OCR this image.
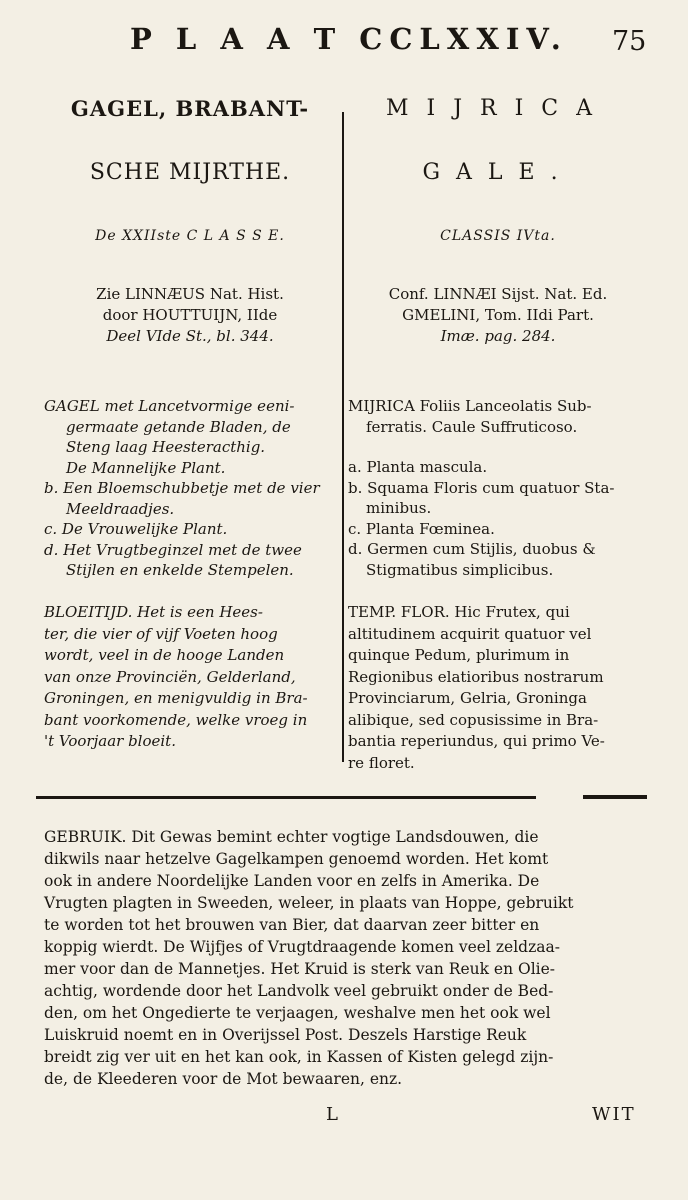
P L A A T CCLXXIV. 75
GAGEL, BRABANT-
SCHE MIJRTHE.
De XXIIste C L A S S E.
Zie LINNÆUS Nat. Hist.
door HOUTTUIJN, IIde
Deel VIde St., bl. 344.
GAGEL met Lancetvormige eeni-
germaate getande Bladen, de
Steng laag Heesteracthig.
De Mannelijke Plant.
b. Een Bloemschubbetje met de vier
Meeldraadjes.
c. De Vrouwelijke Plant.
d. Het Vrugtbeginzel met de twee
Stijlen en enkelde Stempelen.
BLOEITIJD. Het is een Hees-
ter, die vier of vijf Voeten hoog
wordt, veel in de hooge Landen
van onze Provinciën, Gelderland,
Groningen, en menigvuldig in Bra-
bant voorkomende, welke vroeg in
't Voorjaar bloeit.
MIJRICA
GALE.
CLASSIS IVta.
Conf. LINNÆI Sijst. Nat. Ed.
GMELINI, Tom. IIdi Part.
Imæ. pag. 284.
MIJRICA Foliis Lanceolatis Sub-
ferratis. Caule Suffruticoso.
a. Planta mascula.
b. Squama Floris cum quatuor Sta-
minibus.
c. Planta Fœminea.
d. Germen cum Stijlis, duobus &
Stigmatibus simplicibus.
TEMP. FLOR. Hic Frutex, qui
altitudinem acquirit quatuor vel
quinque Pedum, plurimum in
Regionibus elatioribus nostrarum
Provinciarum, Gelria, Groninga
alibique, sed copusissime in Bra-
bantia reperiundus, qui primo Ve-
re floret.
GEBRUIK. Dit Gewas bemint echter vogtige Landsdouwen, die
dikwils naar hetzelve Gagelkampen genoemd worden. Het komt
ook in andere Noordelijke Landen voor en zelfs in Amerika. De
Vrugten plagten in Sweeden, weleer, in plaats van Hoppe, gebruikt
te worden tot het brouwen van Bier, dat daarvan zeer bitter en
koppig wierdt. De Wijfjes of Vrugtdraagende komen veel zeldzaa-
mer voor dan de Mannetjes. Het Kruid is sterk van Reuk en Olie-
achtig, wordende door het Landvolk veel gebruikt onder de Bed-
den, om het Ongedierte te verjaagen, weshalve men het ook wel
Luiskruid noemt en in Overijssel Post. Deszels Harstige Reuk
breidt zig ver uit en het kan ook, in Kassen of Kisten gelegd zijn-
de, de Kleederen voor de Mot bewaaren, enz.
L	WIT
